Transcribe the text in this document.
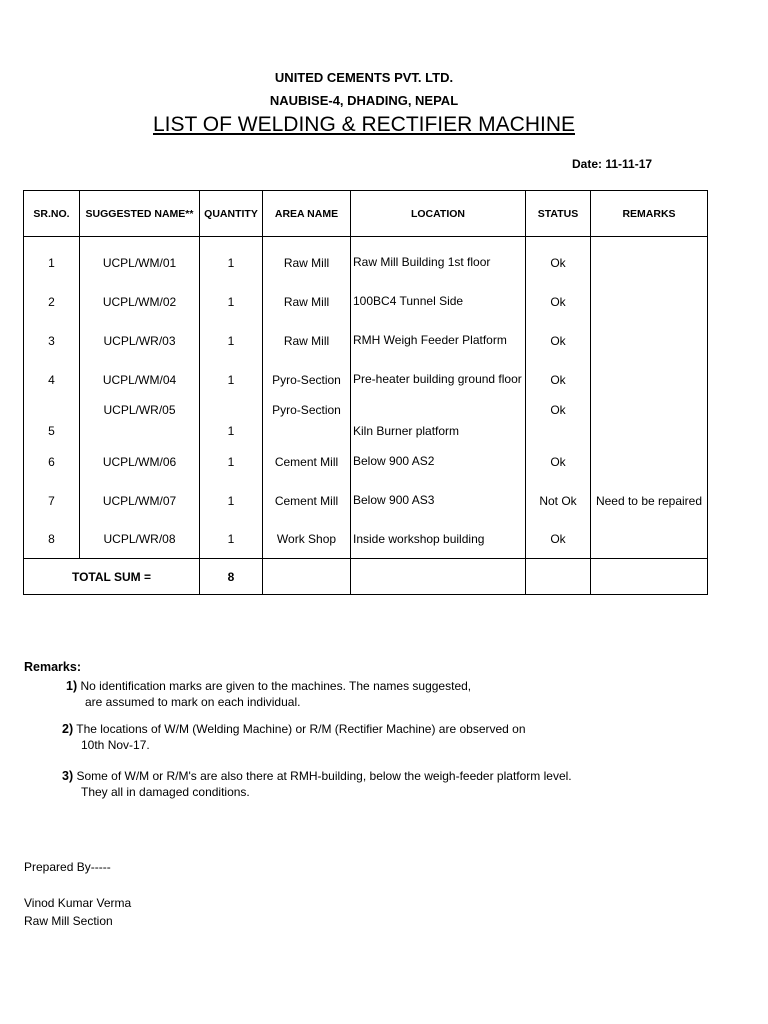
UNITED CEMENTS PVT. LTD.
NAUBISE-4, DHADING, NEPAL
LIST OF WELDING & RECTIFIER MACHINE
Date: 11-11-17
SR.NO.	SUGGESTED NAME**	QUANTITY	AREA NAME	LOCATION	STATUS	REMARKS
1	UCPL/WM/01	1	Raw Mill	Raw Mill Building 1st floor	Ok	
2	UCPL/WM/02	1	Raw Mill	100BC4 Tunnel Side	Ok	
3	UCPL/WR/03	1	Raw Mill	RMH Weigh Feeder Platform	Ok	
4	UCPL/WM/04	1	Pyro-Section	Pre-heater building ground floor	Ok	
5	UCPL/WR/05	1	Pyro-Section	Kiln Burner platform	Ok	
6	UCPL/WM/06	1	Cement Mill	Below 900 AS2	Ok	
7	UCPL/WM/07	1	Cement Mill	Below 900 AS3	Not Ok	Need to be repaired
8	UCPL/WR/08	1	Work Shop	Inside workshop building	Ok	
TOTAL SUM =		8				
Remarks:
1) No identification marks are given to the machines. The names suggested,
are assumed to mark on each individual.
2) The locations of W/M (Welding Machine) or R/M (Rectifier Machine) are observed on
10th Nov-17.
3) Some of W/M or R/M's are also there at RMH-building, below the weigh-feeder platform level.
They all in damaged conditions.
Prepared By-----
Vinod Kumar Verma
Raw Mill Section
